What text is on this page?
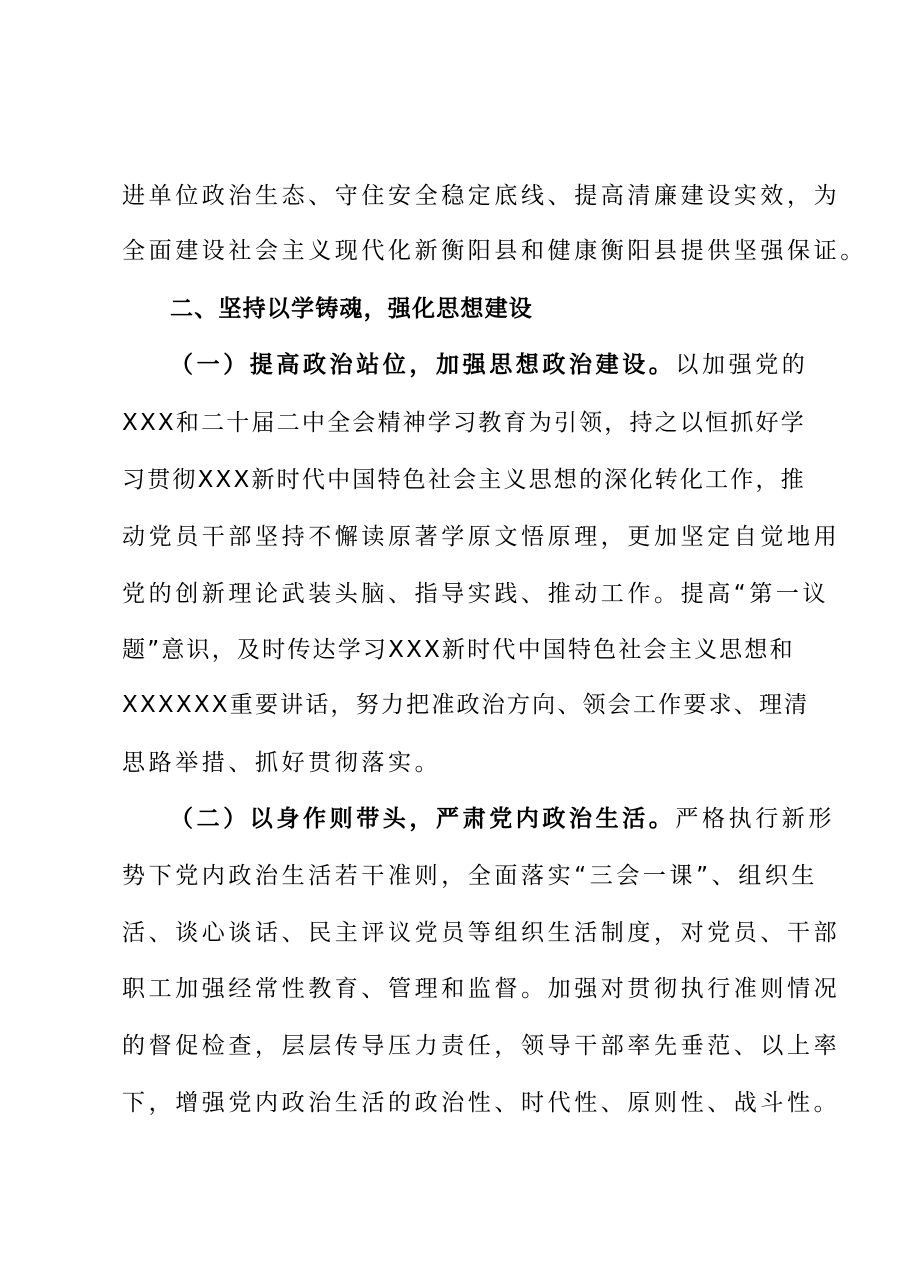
进单位政治生态、守住安全稳定底线、提高清廉建设实效，为
全面建设社会主义现代化新衡阳县和健康衡阳县提供坚强保证。
二、坚持以学铸魂，强化思想建设
（一）提高政治站位，加强思想政治建设。以加强党的
XXX和二十届二中全会精神学习教育为引领，持之以恒抓好学
习贯彻XXX新时代中国特色社会主义思想的深化转化工作，推
动党员干部坚持不懈读原著学原文悟原理，更加坚定自觉地用
党的创新理论武装头脑、指导实践、推动工作。提高“第一议
题”意识，及时传达学习XXX新时代中国特色社会主义思想和
XXXXXX重要讲话，努力把准政治方向、领会工作要求、理清
思路举措、抓好贯彻落实。
（二）以身作则带头，严肃党内政治生活。严格执行新形
势下党内政治生活若干准则，全面落实“三会一课”、组织生
活、谈心谈话、民主评议党员等组织生活制度，对党员、干部
职工加强经常性教育、管理和监督。加强对贯彻执行准则情况
的督促检查，层层传导压力责任，领导干部率先垂范、以上率
下，增强党内政治生活的政治性、时代性、原则性、战斗性。
